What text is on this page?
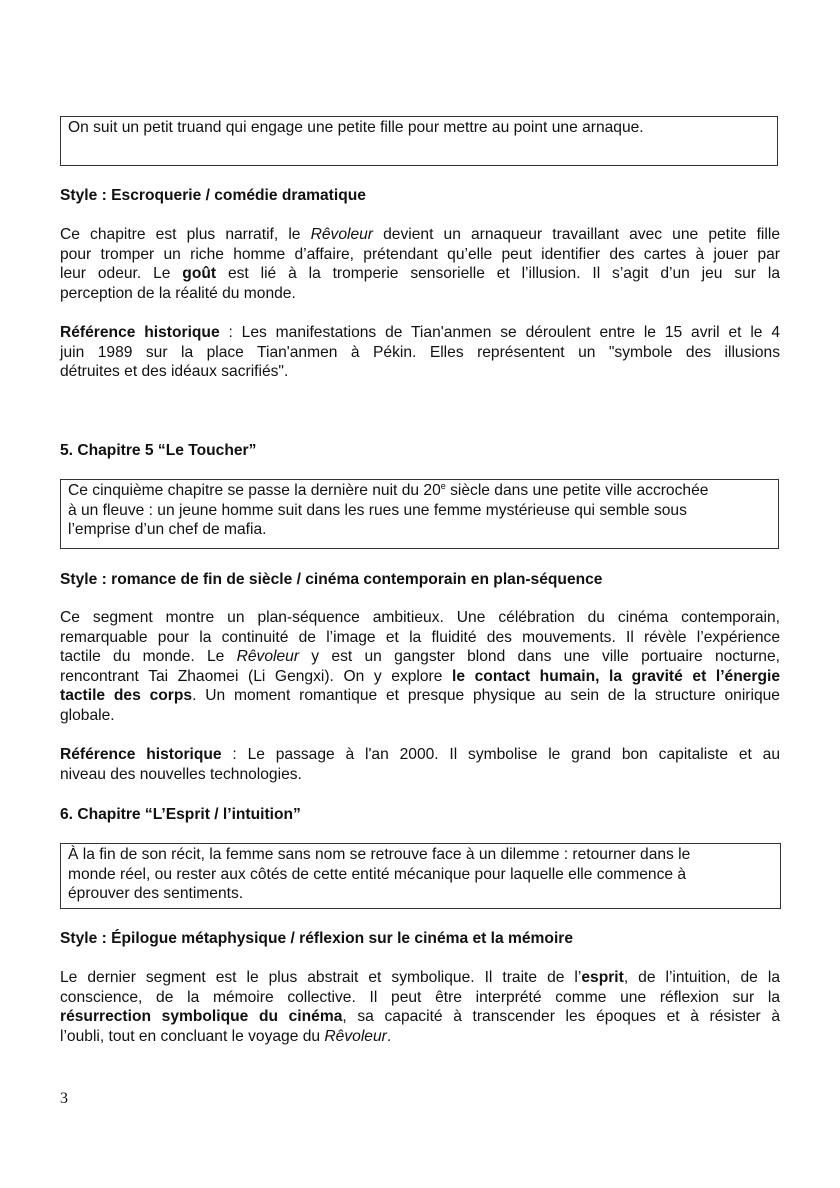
On suit un petit truand qui engage une petite fille pour mettre au point une arnaque.
Style : Escroquerie / comédie dramatique
Ce chapitre est plus narratif, le Rêvoleur devient un arnaqueur travaillant avec une petite fille
pour tromper un riche homme d’affaire, prétendant qu’elle peut identifier des cartes à jouer par
leur odeur. Le goût est lié à la tromperie sensorielle et l’illusion. Il s’agit d’un jeu sur la
perception de la réalité du monde.
Référence historique : Les manifestations de Tian'anmen se déroulent entre le 15 avril et le 4
juin 1989 sur la place Tian'anmen à Pékin. Elles représentent un "symbole des illusions
détruites et des idéaux sacrifiés".
5. Chapitre 5 “Le Toucher”
Ce cinquième chapitre se passe la dernière nuit du 20e siècle dans une petite ville accrochée
à un fleuve : un jeune homme suit dans les rues une femme mystérieuse qui semble sous
l’emprise d’un chef de mafia.
Style : romance de fin de siècle / cinéma contemporain en plan-séquence
Ce segment montre un plan-séquence ambitieux. Une célébration du cinéma contemporain,
remarquable pour la continuité de l’image et la fluidité des mouvements. Il révèle l’expérience
tactile du monde. Le Rêvoleur y est un gangster blond dans une ville portuaire nocturne,
rencontrant Tai Zhaomei (Li Gengxi). On y explore le contact humain, la gravité et l’énergie
tactile des corps. Un moment romantique et presque physique au sein de la structure onirique
globale.
Référence historique : Le passage à l'an 2000. Il symbolise le grand bon capitaliste et au
niveau des nouvelles technologies.
6. Chapitre “L’Esprit / l’intuition”
À la fin de son récit, la femme sans nom se retrouve face à un dilemme : retourner dans le
monde réel, ou rester aux côtés de cette entité mécanique pour laquelle elle commence à
éprouver des sentiments.
Style : Épilogue métaphysique / réflexion sur le cinéma et la mémoire
Le dernier segment est le plus abstrait et symbolique. Il traite de l’esprit, de l’intuition, de la
conscience, de la mémoire collective. Il peut être interprété comme une réflexion sur la
résurrection symbolique du cinéma, sa capacité à transcender les époques et à résister à
l’oubli, tout en concluant le voyage du Rêvoleur.
3
